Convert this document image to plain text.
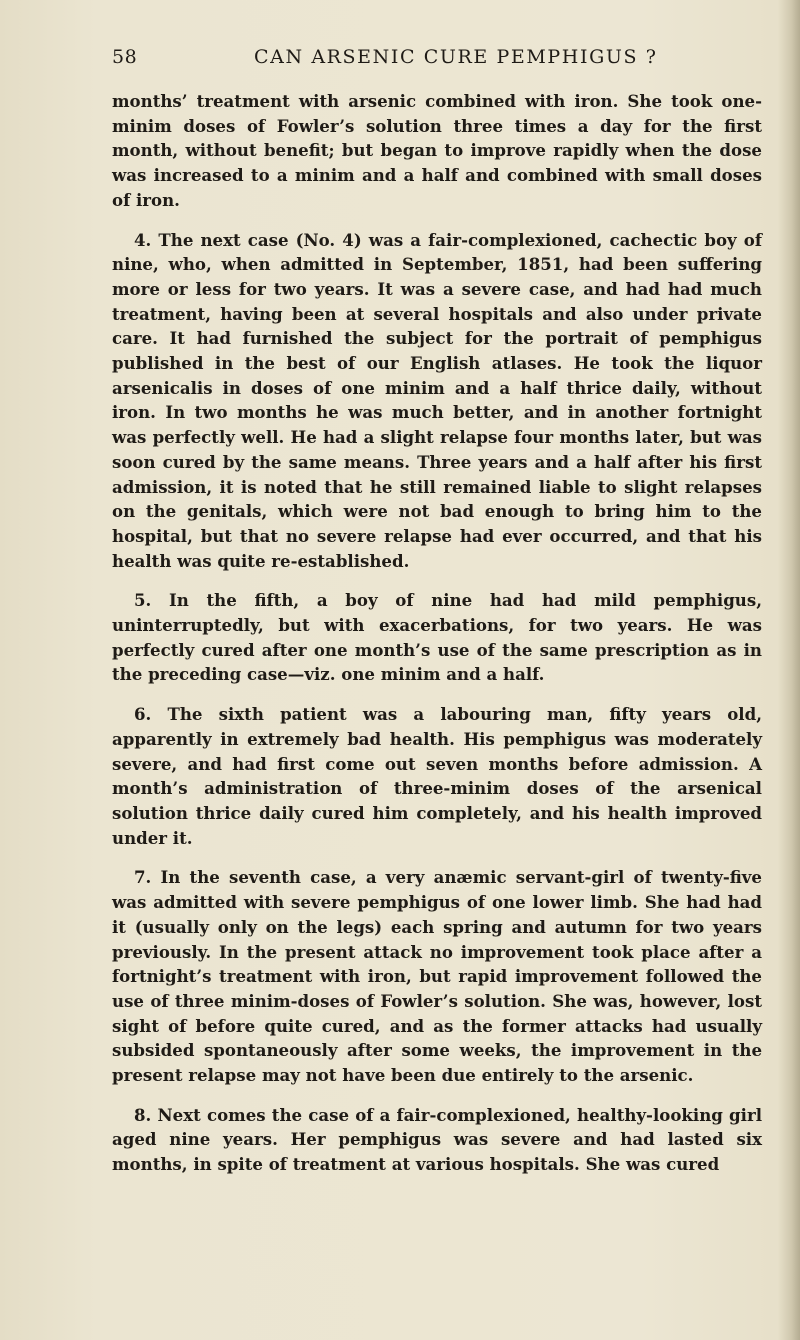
58	CAN ARSENIC CURE PEMPHIGUS ?

months’ treatment with arsenic combined with iron. She took one-minim doses of Fowler’s solution three times a day for the first month, without benefit; but began to improve rapidly when the dose was increased to a minim and a half and combined with small doses of iron.

4. The next case (No. 4) was a fair-complexioned, cachectic boy of nine, who, when admitted in September, 1851, had been suffering more or less for two years. It was a severe case, and had had much treatment, having been at several hospitals and also under private care. It had furnished the subject for the portrait of pemphigus published in the best of our English atlases. He took the liquor arsenicalis in doses of one minim and a half thrice daily, without iron. In two months he was much better, and in another fortnight was perfectly well. He had a slight relapse four months later, but was soon cured by the same means. Three years and a half after his first admission, it is noted that he still remained liable to slight relapses on the genitals, which were not bad enough to bring him to the hospital, but that no severe relapse had ever occurred, and that his health was quite re-established.

5. In the fifth, a boy of nine had had mild pemphigus, uninterruptedly, but with exacerbations, for two years. He was perfectly cured after one month’s use of the same prescription as in the preceding case—viz. one minim and a half.

6. The sixth patient was a labouring man, fifty years old, apparently in extremely bad health. His pemphigus was moderately severe, and had first come out seven months before admission. A month’s administration of three-minim doses of the arsenical solution thrice daily cured him completely, and his health improved under it.

7. In the seventh case, a very anæmic servant-girl of twenty-five was admitted with severe pemphigus of one lower limb. She had had it (usually only on the legs) each spring and autumn for two years previously. In the present attack no improvement took place after a fortnight’s treatment with iron, but rapid improvement followed the use of three minim-doses of Fowler’s solution. She was, however, lost sight of before quite cured, and as the former attacks had usually subsided spontaneously after some weeks, the improvement in the present relapse may not have been due entirely to the arsenic.

8. Next comes the case of a fair-complexioned, healthy-looking girl aged nine years. Her pemphigus was severe and had lasted six months, in spite of treatment at various hospitals. She was cured
